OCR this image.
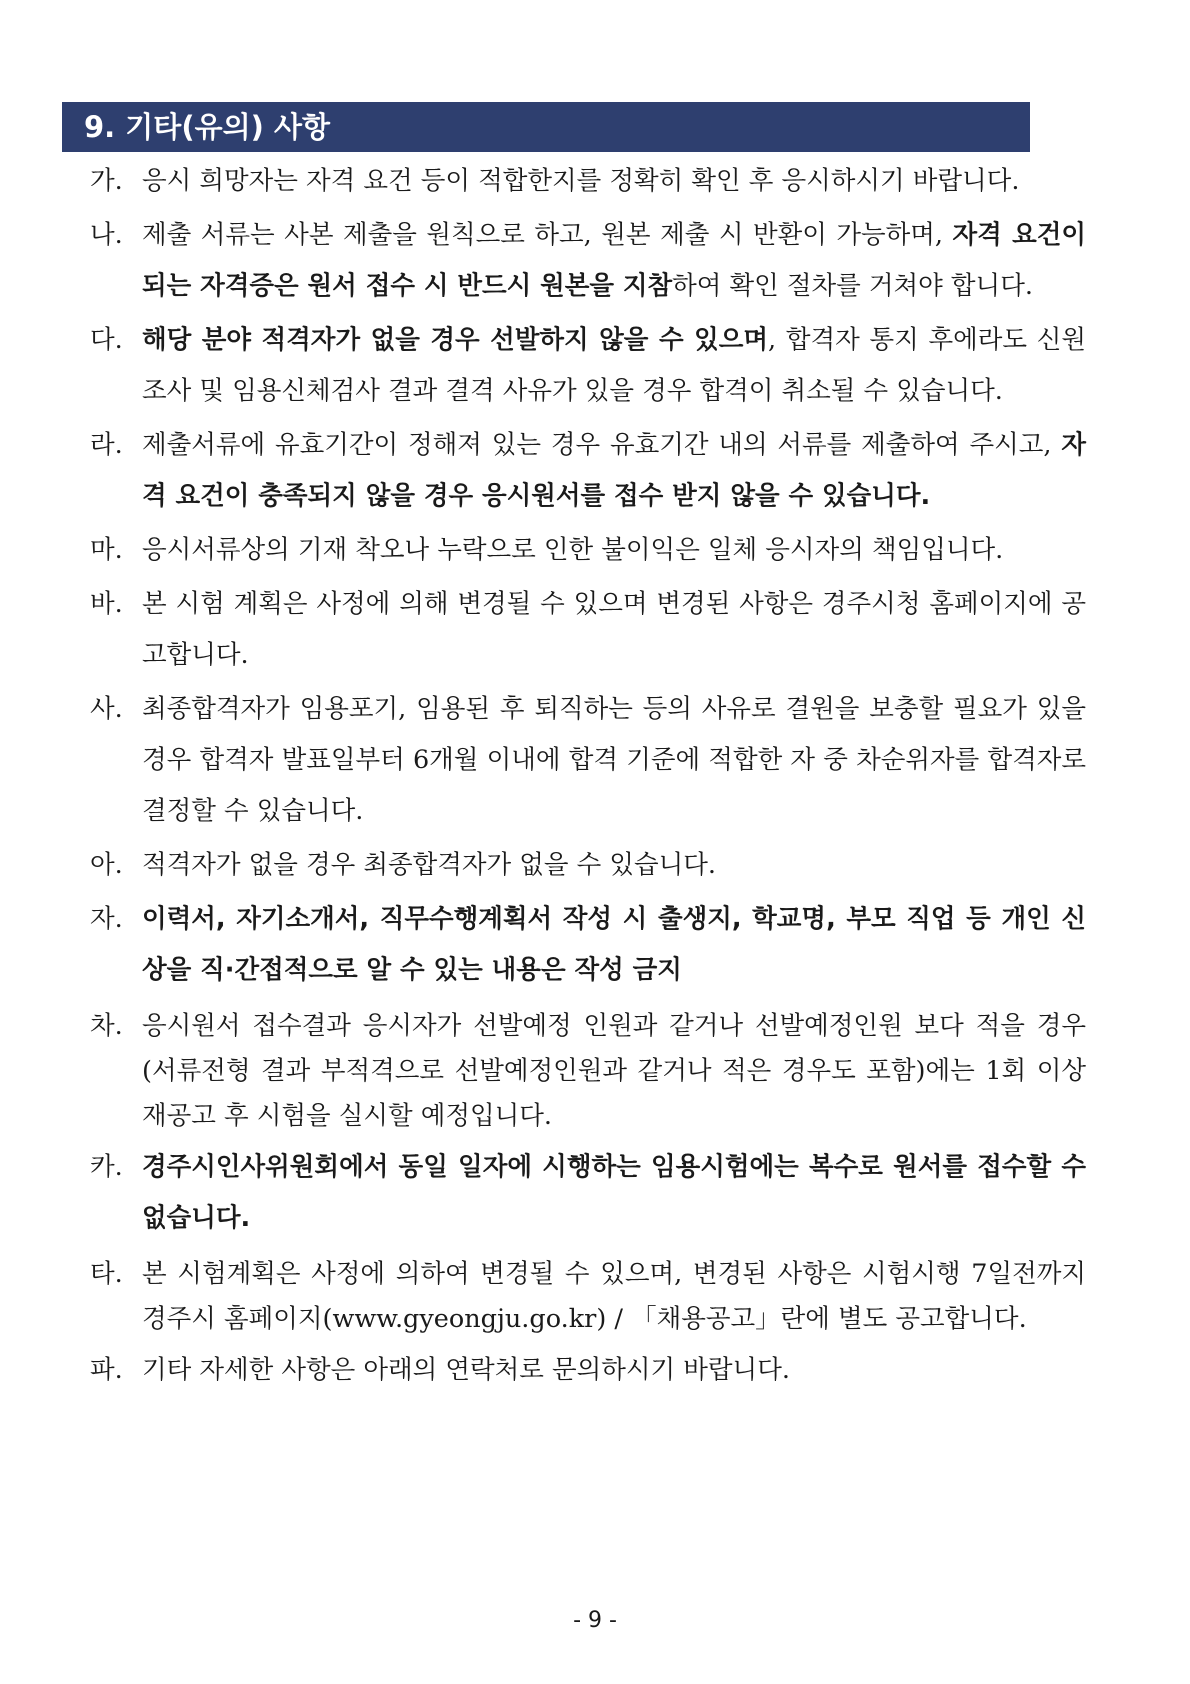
9. 기타(유의) 사항
가. 응시 희망자는 자격 요건 등이 적합한지를 정확히 확인 후 응시하시기 바랍니다.
나. 제출 서류는 사본 제출을 원칙으로 하고, 원본 제출 시 반환이 가능하며, 자격 요건이 되는 자격증은 원서 접수 시 반드시 원본을 지참하여 확인 절차를 거쳐야 합니다.
다. 해당 분야 적격자가 없을 경우 선발하지 않을 수 있으며, 합격자 통지 후에라도 신원조사 및 임용신체검사 결과 결격 사유가 있을 경우 합격이 취소될 수 있습니다.
라. 제출서류에 유효기간이 정해져 있는 경우 유효기간 내의 서류를 제출하여 주시고, 자격 요건이 충족되지 않을 경우 응시원서를 접수 받지 않을 수 있습니다.
마. 응시서류상의 기재 착오나 누락으로 인한 불이익은 일체 응시자의 책임입니다.
바. 본 시험 계획은 사정에 의해 변경될 수 있으며 변경된 사항은 경주시청 홈페이지에 공고합니다.
사. 최종합격자가 임용포기, 임용된 후 퇴직하는 등의 사유로 결원을 보충할 필요가 있을 경우 합격자 발표일부터 6개월 이내에 합격 기준에 적합한 자 중 차순위자를 합격자로 결정할 수 있습니다.
아. 적격자가 없을 경우 최종합격자가 없을 수 있습니다.
자. 이력서, 자기소개서, 직무수행계획서 작성 시 출생지, 학교명, 부모 직업 등 개인 신상을 직·간접적으로 알 수 있는 내용은 작성 금지
차. 응시원서 접수결과 응시자가 선발예정 인원과 같거나 선발예정인원 보다 적을 경우(서류전형 결과 부적격으로 선발예정인원과 같거나 적은 경우도 포함)에는 1회 이상 재공고 후 시험을 실시할 예정입니다.
카. 경주시인사위원회에서 동일 일자에 시행하는 임용시험에는 복수로 원서를 접수할 수 없습니다.
타. 본 시험계획은 사정에 의하여 변경될 수 있으며, 변경된 사항은 시험시행 7일전까지 경주시 홈페이지(www.gyeongju.go.kr) / 「채용공고」란에 별도 공고합니다.
파. 기타 자세한 사항은 아래의 연락처로 문의하시기 바랍니다.
- 9 -
